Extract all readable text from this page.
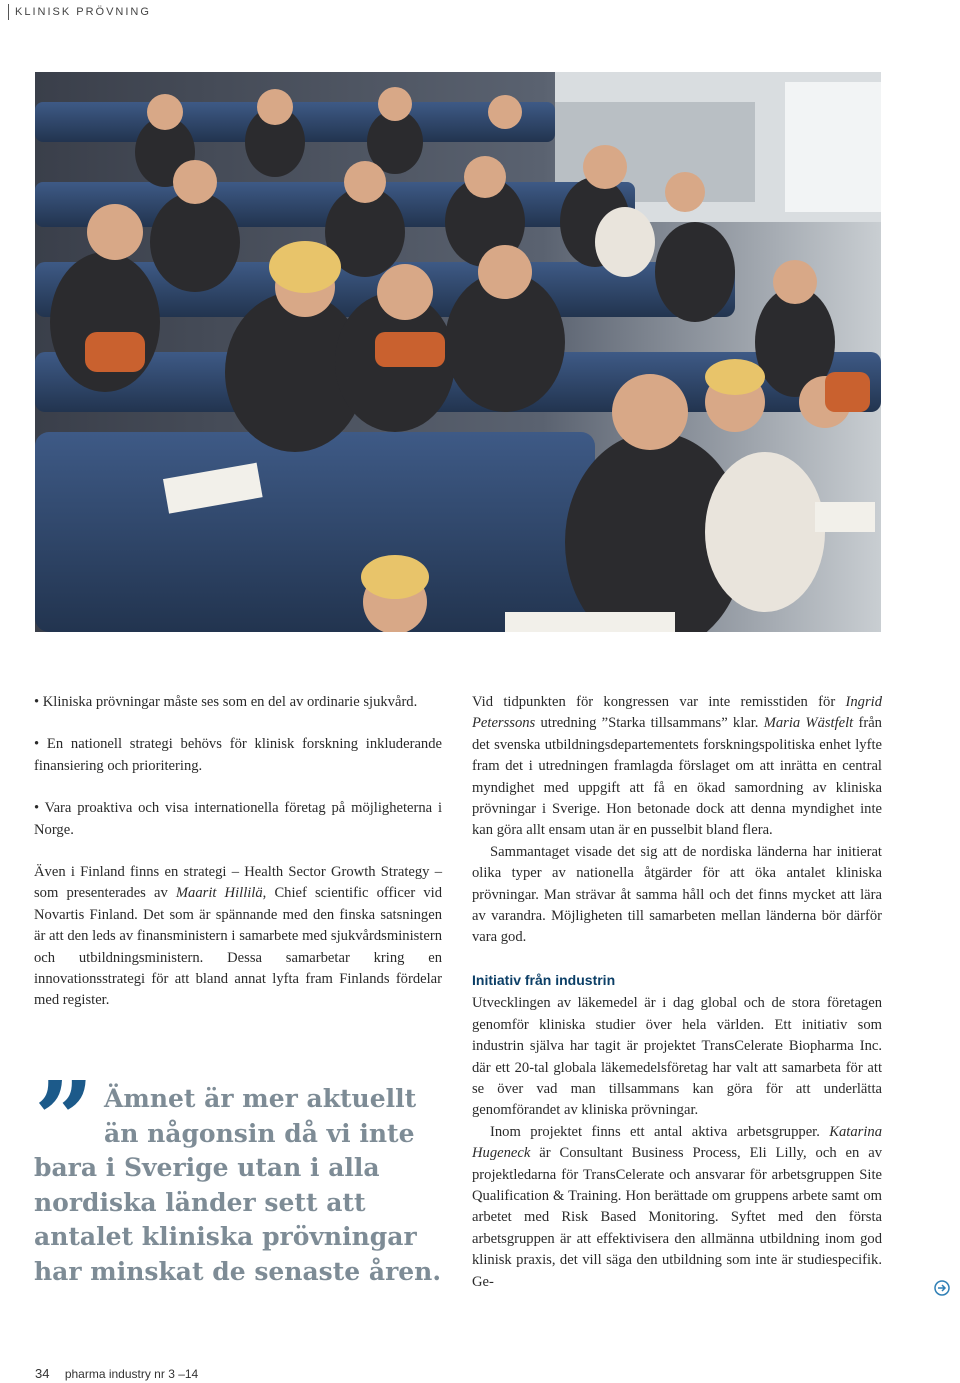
KLINISK PRÖVNING

• Kliniska prövningar måste ses som en del av ordinarie sjukvård.

• En nationell strategi behövs för klinisk forskning inkluderande finansiering och prioritering.

• Vara proaktiva och visa internationella företag på möjligheterna i Norge.

Även i Finland finns en strategi – Health Sector Growth Strategy – som presenterades av Maarit Hillilä, Chief scientific officer vid Novartis Finland. Det som är spännande med den finska satsningen är att den leds av finansministern i samarbete med sjukvårdsministern och utbildningsministern. Dessa samarbetar kring en innovationsstrategi för att bland annat lyfta fram Finlands fördelar med register.

” Ämnet är mer aktuellt
än någonsin då vi inte
bara i Sverige utan i alla nordiska länder sett att antalet kliniska prövningar har minskat de senaste åren.

Vid tidpunkten för kongressen var inte remisstiden för Ingrid Peterssons utredning ”Starka tillsammans” klar. Maria Wästfelt från det svenska utbildningsdepartementets forskningspolitiska enhet lyfte fram det i utredningen framlagda förslaget om att inrätta en central myndighet med uppgift att få en ökad samordning av kliniska prövningar i Sverige. Hon betonade dock att denna myndighet inte kan göra allt ensam utan är en pusselbit bland flera.

Sammantaget visade det sig att de nordiska länderna har initierat olika typer av nationella åtgärder för att öka antalet kliniska prövningar. Man strävar åt samma håll och det finns mycket att lära av varandra. Möjligheten till samarbeten mellan länderna bör därför vara god.

Initiativ från industrin

Utvecklingen av läkemedel är i dag global och de stora företagen genomför kliniska studier över hela världen. Ett initiativ som industrin själva har tagit är projektet TransCelerate Biopharma Inc. där ett 20-tal globala läkemedelsföretag har valt att samarbeta för att se över vad man tillsammans kan göra för att underlätta genomförandet av kliniska prövningar.

Inom projektet finns ett antal aktiva arbetsgrupper. Katarina Hugeneck är Consultant Business Process, Eli Lilly, och en av projektledarna för TransCelerate och ansvarar för arbetsgruppen Site Qualification & Training. Hon berättade om gruppens arbete samt om arbetet med Risk Based Monitoring. Syftet med den första arbetsgruppen är att effektivisera den allmänna utbildning inom god klinisk praxis, det vill säga den utbildning som inte är studiespecifik. Ge-

34 pharma industry nr 3 –14
